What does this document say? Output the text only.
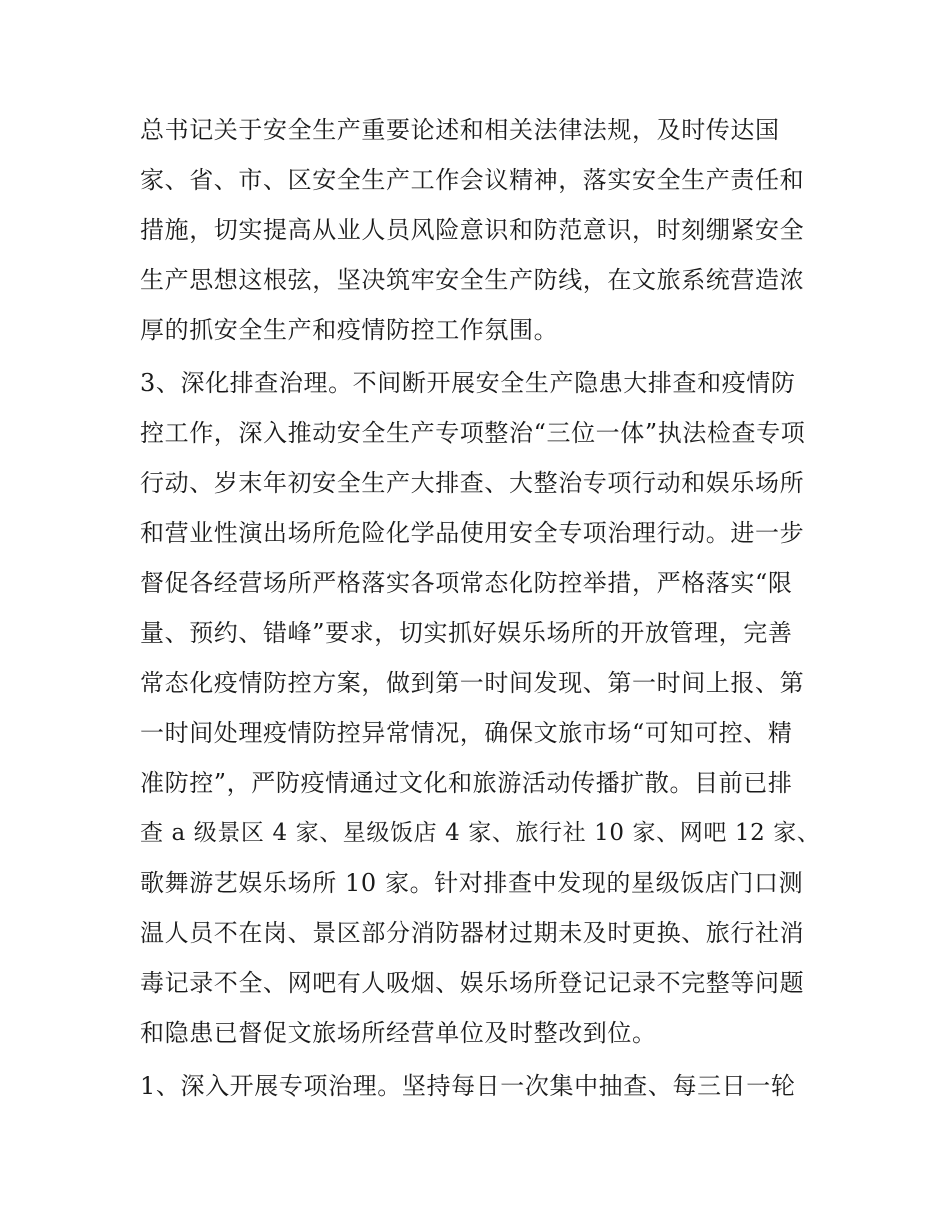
总书记关于安全生产重要论述和相关法律法规，及时传达国
家、省、市、区安全生产工作会议精神，落实安全生产责任和
措施，切实提高从业人员风险意识和防范意识，时刻绷紧安全
生产思想这根弦，坚决筑牢安全生产防线，在文旅系统营造浓
厚的抓安全生产和疫情防控工作氛围。
3、深化排查治理。不间断开展安全生产隐患大排查和疫情防
控工作，深入推动安全生产专项整治“三位一体”执法检查专项
行动、岁末年初安全生产大排查、大整治专项行动和娱乐场所
和营业性演出场所危险化学品使用安全专项治理行动。进一步
督促各经营场所严格落实各项常态化防控举措，严格落实“限
量、预约、错峰”要求，切实抓好娱乐场所的开放管理，完善
常态化疫情防控方案，做到第一时间发现、第一时间上报、第
一时间处理疫情防控异常情况，确保文旅市场“可知可控、精
准防控”，严防疫情通过文化和旅游活动传播扩散。目前已排
查 a 级景区 4 家、星级饭店 4 家、旅行社 10 家、网吧 12 家、
歌舞游艺娱乐场所 10 家。针对排查中发现的星级饭店门口测
温人员不在岗、景区部分消防器材过期未及时更换、旅行社消
毒记录不全、网吧有人吸烟、娱乐场所登记记录不完整等问题
和隐患已督促文旅场所经营单位及时整改到位。
1、深入开展专项治理。坚持每日一次集中抽查、每三日一轮
